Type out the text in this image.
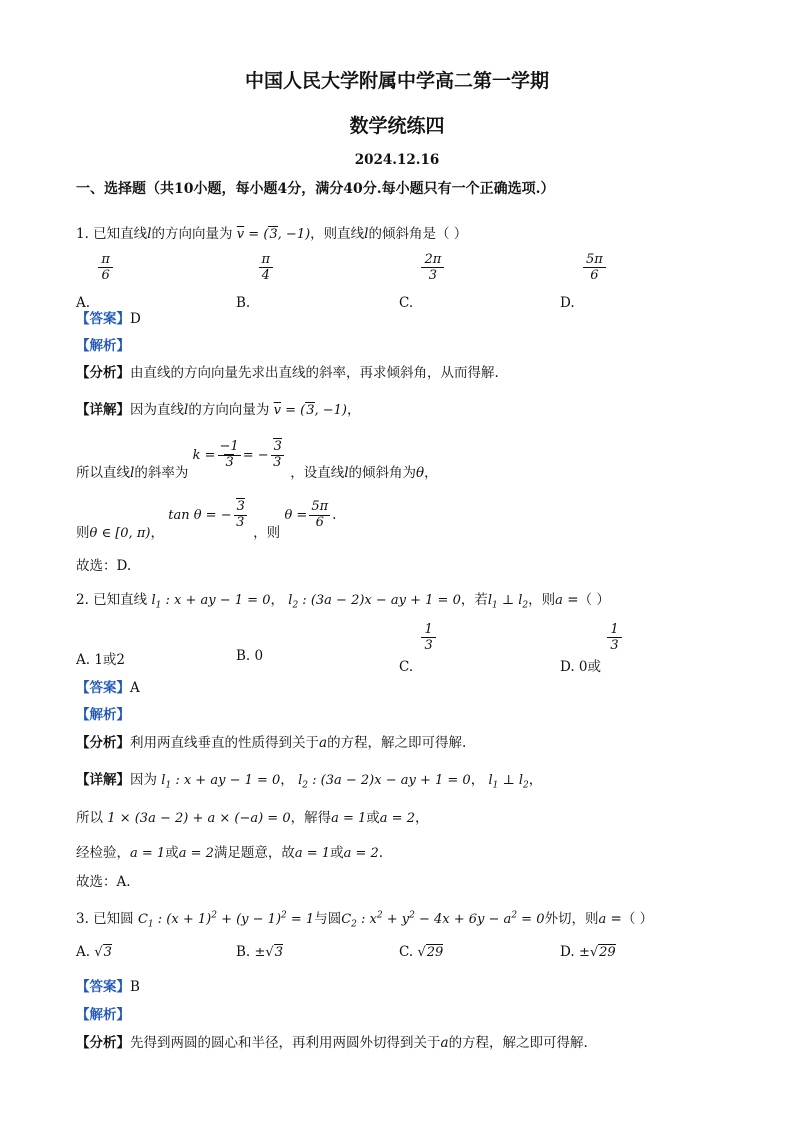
中国人民大学附属中学高二第一学期
数学统练四
2024.12.16
一、选择题（共10小题，每小题4分，满分40分.每小题只有一个正确选项.）
1. 已知直线l的方向向量为 $\overline{v} = (3$, −1)，则直线l的倾斜角是（ ）
A.
$\frac{\pi}{6}$
B.
$\frac{\pi}{4}$
C.
$\frac{2\pi}{3}$
D.
$\frac{5\pi}{6}$
【答案】D
【解析】
【分析】由直线的方向向量先求出直线的斜率，再求倾斜角，从而得解.
【详解】因为直线l的方向向量为 $\overline{v} = (3$, −1)，
所以直线l的斜率为 $k = \frac{-1}{3}$ = − $\frac{3}{3}$
，设直线l的倾斜角为θ，
则θ ∈ [0, π)， tan θ = − $\frac{3}{3}$
，则 $\theta = \frac{5\pi}{6}$ .
故选：D.
2. 已知直线 $l_1$ : x + ay − 1 = 0， $l_2$ : (3a − 2)x − ay + 1 = 0，若$l_1$ ⊥ $l_2$，则a =（ ）
A. 1或2	B. 0
C.
$\frac{1}{3}$
D. 0或
$\frac{1}{3}$
【答案】A
【解析】
【分析】利用两直线垂直的性质得到关于a的方程，解之即可得解.
【详解】因为 $l_1$ : x + ay − 1 = 0， $l_2$ : (3a − 2)x − ay + 1 = 0， $l_1$ ⊥ $l_2$，
所以 1 × (3a − 2) + a × (−a) = 0，解得a = 1或a = 2，
经检验，a = 1或a = 2满足题意，故a = 1或a = 2.
故选：A.
3. 已知圆 $C_1$ : $(x + 1)^2 + (y - 1)^2 = 1$与圆$C_2$ : $x^2 + y^2 - 4x + 6y - a^2 = 0$外切，则a =（ ）
A. √3	B. ±√3	C. √29	D. ±√29
【答案】B
【解析】
【分析】先得到两圆的圆心和半径，再利用两圆外切得到关于a的方程，解之即可得解.
